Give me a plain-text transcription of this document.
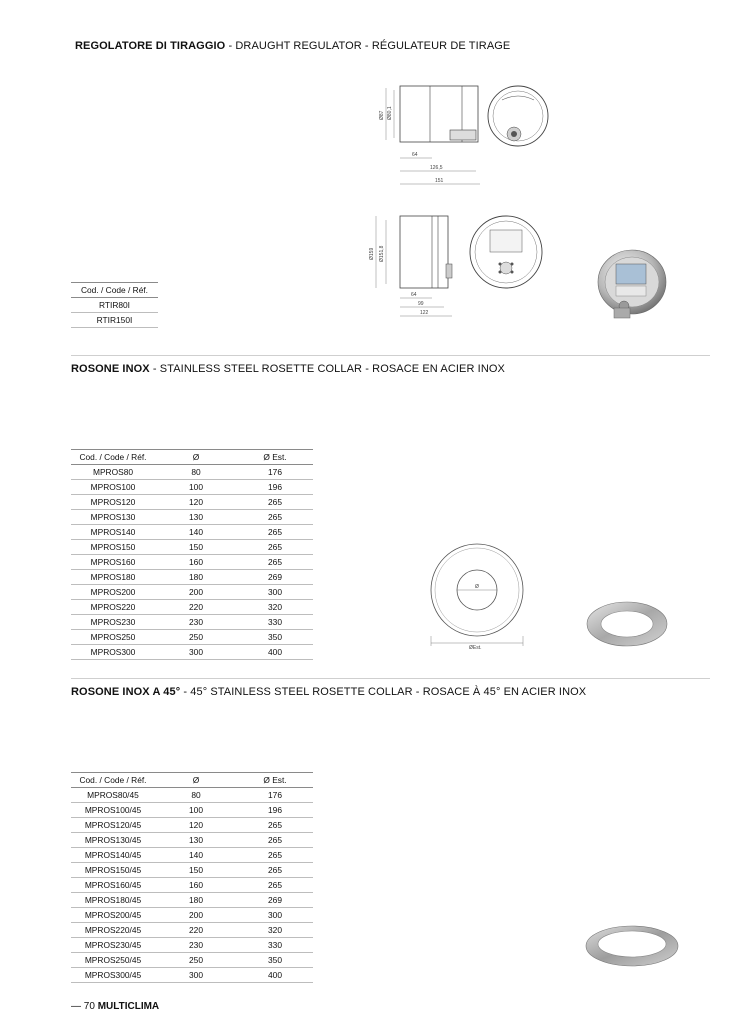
REGOLATORE DI TIRAGGIO - DRAUGHT REGULATOR - RÉGULATEUR DE TIRAGE
Ø87 Ø80,1
64
126,5
151
Ø159 Ø151,8
64
99
122
Cod. / Code / Réf.
RTIR80I
RTIR150I
ROSONE INOX - STAINLESS STEEL ROSETTE COLLAR - ROSACE EN ACIER INOX
Cod. / Code / Réf.	Ø	Ø Est.
MPROS80	80	176
MPROS100	100	196
MPROS120	120	265
MPROS130	130	265
MPROS140	140	265
MPROS150	150	265
MPROS160	160	265
MPROS180	180	269
MPROS200	200	300
MPROS220	220	320
MPROS230	230	330
MPROS250	250	350
MPROS300	300	400
Ø
ØEst.
ROSONE INOX A 45° - 45° STAINLESS STEEL ROSETTE COLLAR - ROSACE À 45° EN ACIER INOX
Cod. / Code / Réf.	Ø	Ø Est.
MPROS80/45	80	176
MPROS100/45	100	196
MPROS120/45	120	265
MPROS130/45	130	265
MPROS140/45	140	265
MPROS150/45	150	265
MPROS160/45	160	265
MPROS180/45	180	269
MPROS200/45	200	300
MPROS220/45	220	320
MPROS230/45	230	330
MPROS250/45	250	350
MPROS300/45	300	400
— 70 MULTICLIMA
